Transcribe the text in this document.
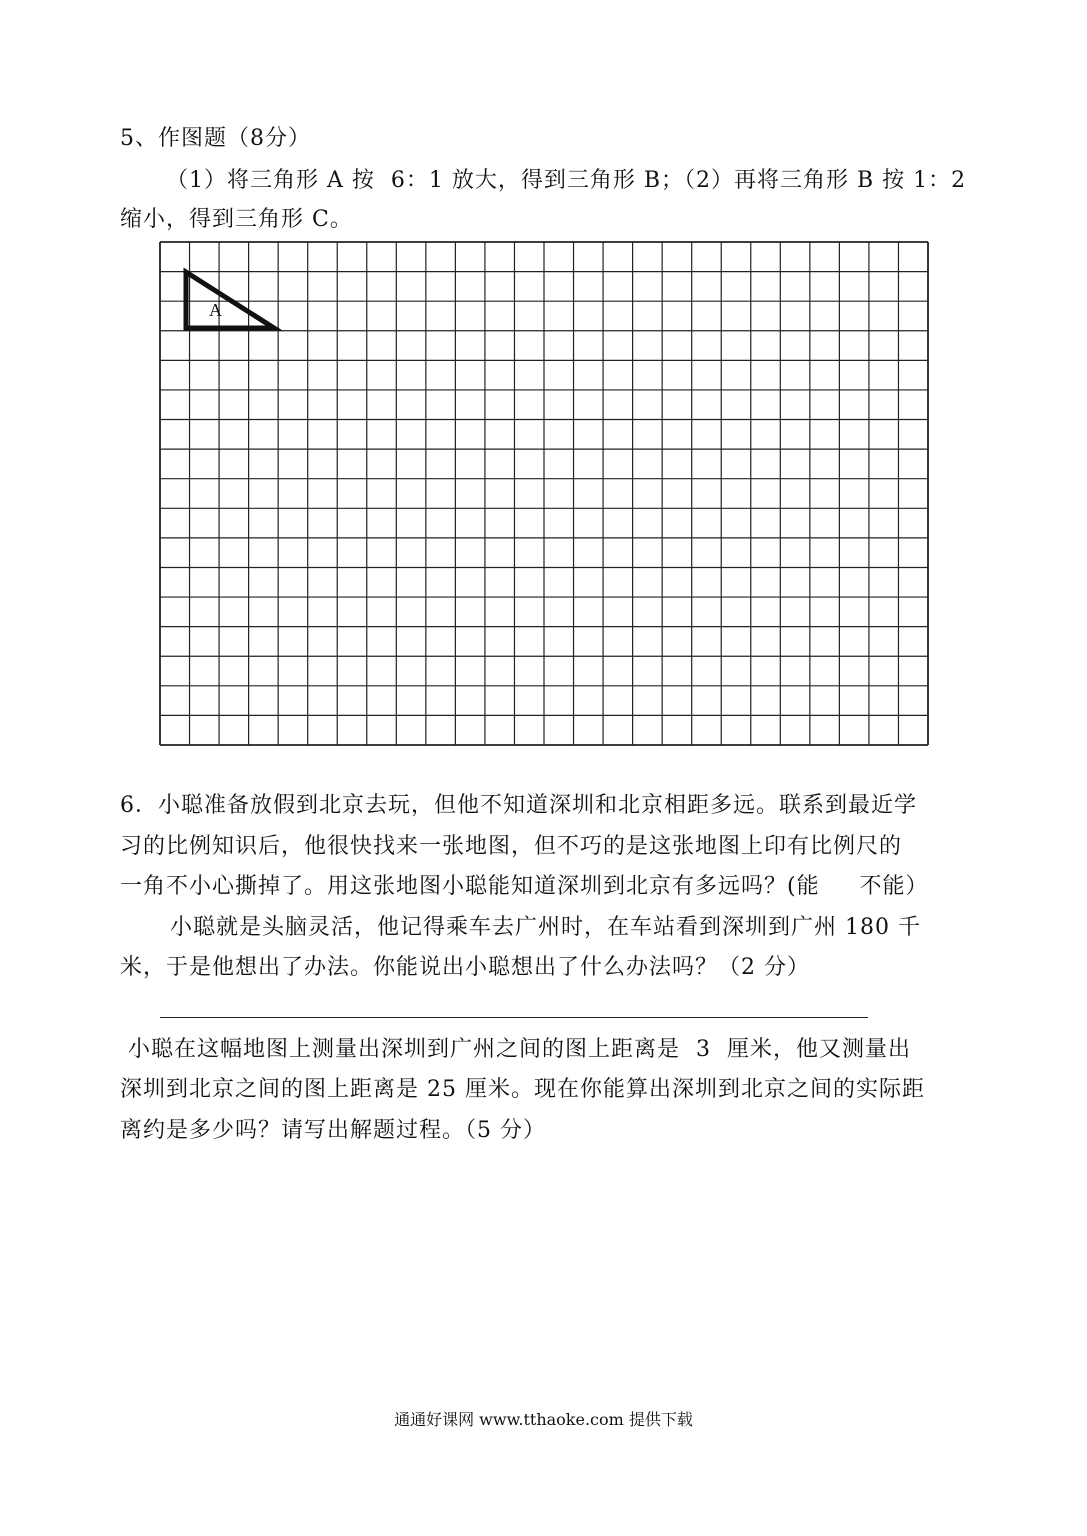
5、作图题（8分）
（1）将三角形 A 按  6：1 放大，得到三角形 B；（2）再将三角形 B 按 1：2
缩小，得到三角形 C。
A
6．小聪准备放假到北京去玩，但他不知道深圳和北京相距多远。联系到最近学
习的比例知识后，他很快找来一张地图，但不巧的是这张地图上印有比例尺的
一角不小心撕掉了。用这张地图小聪能知道深圳到北京有多远吗？(能     不能）
小聪就是头脑灵活，他记得乘车去广州时，在车站看到深圳到广州 180 千
米，于是他想出了办法。你能说出小聪想出了什么办法吗？（2 分）
小聪在这幅地图上测量出深圳到广州之间的图上距离是  3  厘米，他又测量出
深圳到北京之间的图上距离是 25 厘米。现在你能算出深圳到北京之间的实际距
离约是多少吗？请写出解题过程。（5 分）
通通好课网 www.tthaoke.com 提供下载
